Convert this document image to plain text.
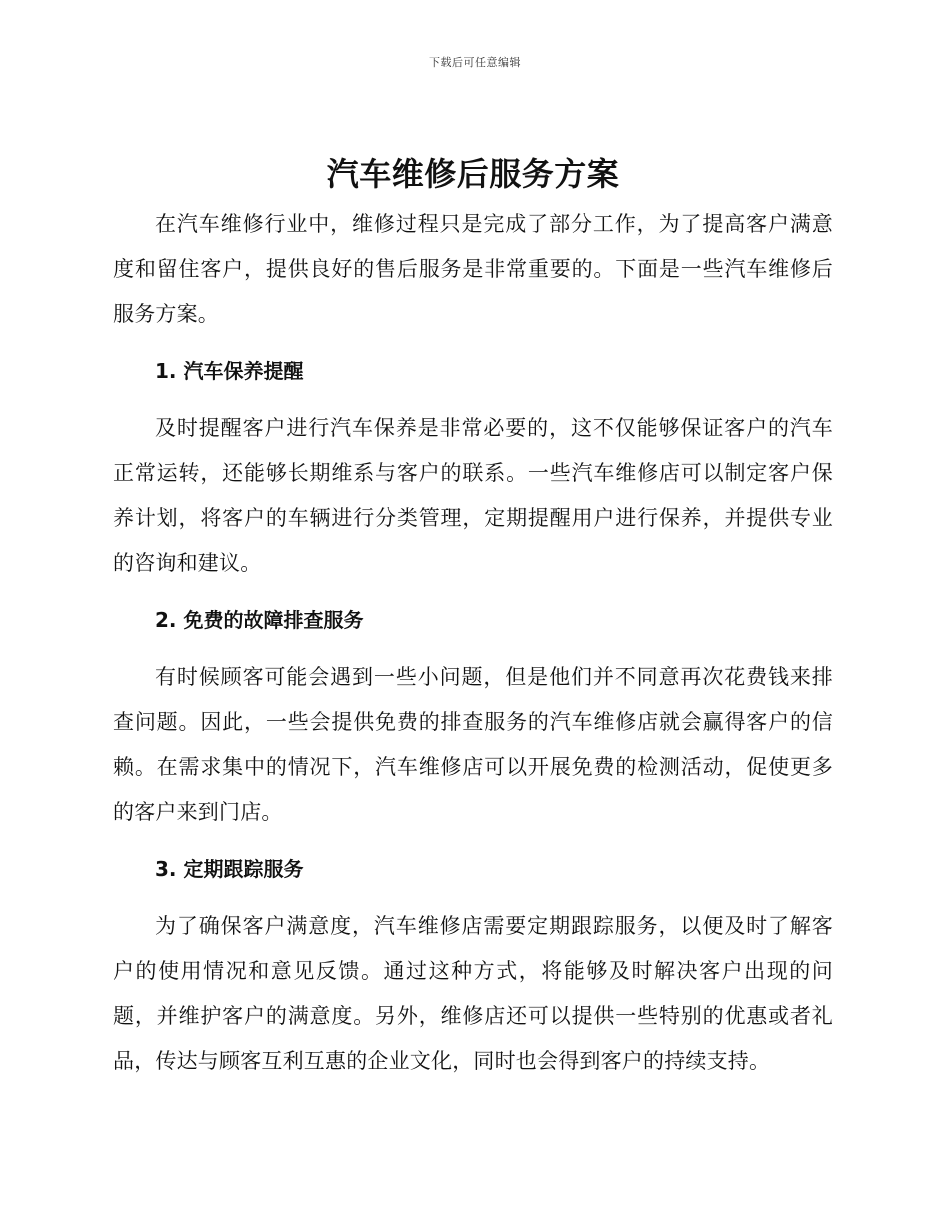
下载后可任意编辑
汽车维修后服务方案

在汽车维修行业中，维修过程只是完成了部分工作，为了提高客户满意度和留住客户，提供良好的售后服务是非常重要的。下面是一些汽车维修后服务方案。

1. 汽车保养提醒

及时提醒客户进行汽车保养是非常必要的，这不仅能够保证客户的汽车正常运转，还能够长期维系与客户的联系。一些汽车维修店可以制定客户保养计划，将客户的车辆进行分类管理，定期提醒用户进行保养，并提供专业的咨询和建议。

2. 免费的故障排查服务

有时候顾客可能会遇到一些小问题，但是他们并不同意再次花费钱来排查问题。因此，一些会提供免费的排查服务的汽车维修店就会赢得客户的信赖。在需求集中的情况下，汽车维修店可以开展免费的检测活动，促使更多的客户来到门店。

3. 定期跟踪服务

为了确保客户满意度，汽车维修店需要定期跟踪服务，以便及时了解客户的使用情况和意见反馈。通过这种方式，将能够及时解决客户出现的问题，并维护客户的满意度。另外，维修店还可以提供一些特别的优惠或者礼品，传达与顾客互利互惠的企业文化，同时也会得到客户的持续支持。
